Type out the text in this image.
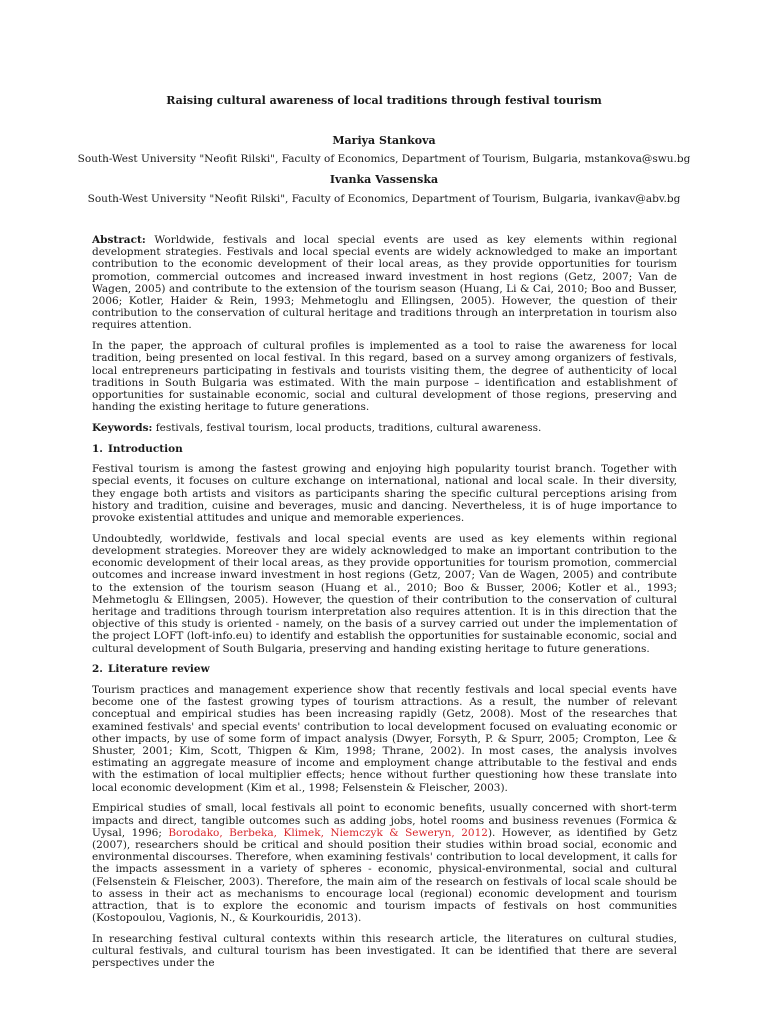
Raising cultural awareness of local traditions through festival tourism

Mariya Stankova

South-West University "Neofit Rilski", Faculty of Economics, Department of Tourism, Bulgaria, mstankova@swu.bg

Ivanka Vassenska

South-West University "Neofit Rilski", Faculty of Economics, Department of Tourism, Bulgaria, ivankav@abv.bg

Abstract: Worldwide, festivals and local special events are used as key elements within regional development strategies. Festivals and local special events are widely acknowledged to make an important contribution to the economic development of their local areas, as they provide opportunities for tourism promotion, commercial outcomes and increased inward investment in host regions (Getz, 2007; Van de Wagen, 2005) and contribute to the extension of the tourism season (Huang, Li & Cai, 2010; Boo and Busser, 2006; Kotler, Haider & Rein, 1993; Mehmetoglu and Ellingsen, 2005). However, the question of their contribution to the conservation of cultural heritage and traditions through an interpretation in tourism also requires attention.

In the paper, the approach of cultural profiles is implemented as a tool to raise the awareness for local tradition, being presented on local festival. In this regard, based on a survey among organizers of festivals, local entrepreneurs participating in festivals and tourists visiting them, the degree of authenticity of local traditions in South Bulgaria was estimated. With the main purpose – identification and establishment of opportunities for sustainable economic, social and cultural development of those regions, preserving and handing the existing heritage to future generations.

Keywords: festivals, festival tourism, local products, traditions, cultural awareness.

1. Introduction

Festival tourism is among the fastest growing and enjoying high popularity tourist branch. Together with special events, it focuses on culture exchange on international, national and local scale. In their diversity, they engage both artists and visitors as participants sharing the specific cultural perceptions arising from history and tradition, cuisine and beverages, music and dancing. Nevertheless, it is of huge importance to provoke existential attitudes and unique and memorable experiences.

Undoubtedly, worldwide, festivals and local special events are used as key elements within regional development strategies. Moreover they are widely acknowledged to make an important contribution to the economic development of their local areas, as they provide opportunities for tourism promotion, commercial outcomes and increase inward investment in host regions (Getz, 2007; Van de Wagen, 2005) and contribute to the extension of the tourism season (Huang et al., 2010; Boo & Busser, 2006; Kotler et al., 1993; Mehmetoglu & Ellingsen, 2005). However, the question of their contribution to the conservation of cultural heritage and traditions through tourism interpretation also requires attention. It is in this direction that the objective of this study is oriented - namely, on the basis of a survey carried out under the implementation of the project LOFT (loft-info.eu) to identify and establish the opportunities for sustainable economic, social and cultural development of South Bulgaria, preserving and handing existing heritage to future generations.

2. Literature review

Tourism practices and management experience show that recently festivals and local special events have become one of the fastest growing types of tourism attractions. As a result, the number of relevant conceptual and empirical studies has been increasing rapidly (Getz, 2008). Most of the researches that examined festivals' and special events' contribution to local development focused on evaluating economic or other impacts, by use of some form of impact analysis (Dwyer, Forsyth, P. & Spurr, 2005; Crompton, Lee & Shuster, 2001; Kim, Scott, Thigpen & Kim, 1998; Thrane, 2002). In most cases, the analysis involves estimating an aggregate measure of income and employment change attributable to the festival and ends with the estimation of local multiplier effects; hence without further questioning how these translate into local economic development (Kim et al., 1998; Felsenstein & Fleischer, 2003).

Empirical studies of small, local festivals all point to economic benefits, usually concerned with short-term impacts and direct, tangible outcomes such as adding jobs, hotel rooms and business revenues (Formica & Uysal, 1996; Borodako, Berbeka, Klimek, Niemczyk & Seweryn, 2012). However, as identified by Getz (2007), researchers should be critical and should position their studies within broad social, economic and environmental discourses. Therefore, when examining festivals' contribution to local development, it calls for the impacts assessment in a variety of spheres - economic, physical-environmental, social and cultural (Felsenstein & Fleischer, 2003). Therefore, the main aim of the research on festivals of local scale should be to assess in their act as mechanisms to encourage local (regional) economic development and tourism attraction, that is to explore the economic and tourism impacts of festivals on host communities (Kostopoulou, Vagionis, N., & Kourkouridis, 2013).

In researching festival cultural contexts within this research article, the literatures on cultural studies, cultural festivals, and cultural tourism has been investigated. It can be identified that there are several perspectives under the
